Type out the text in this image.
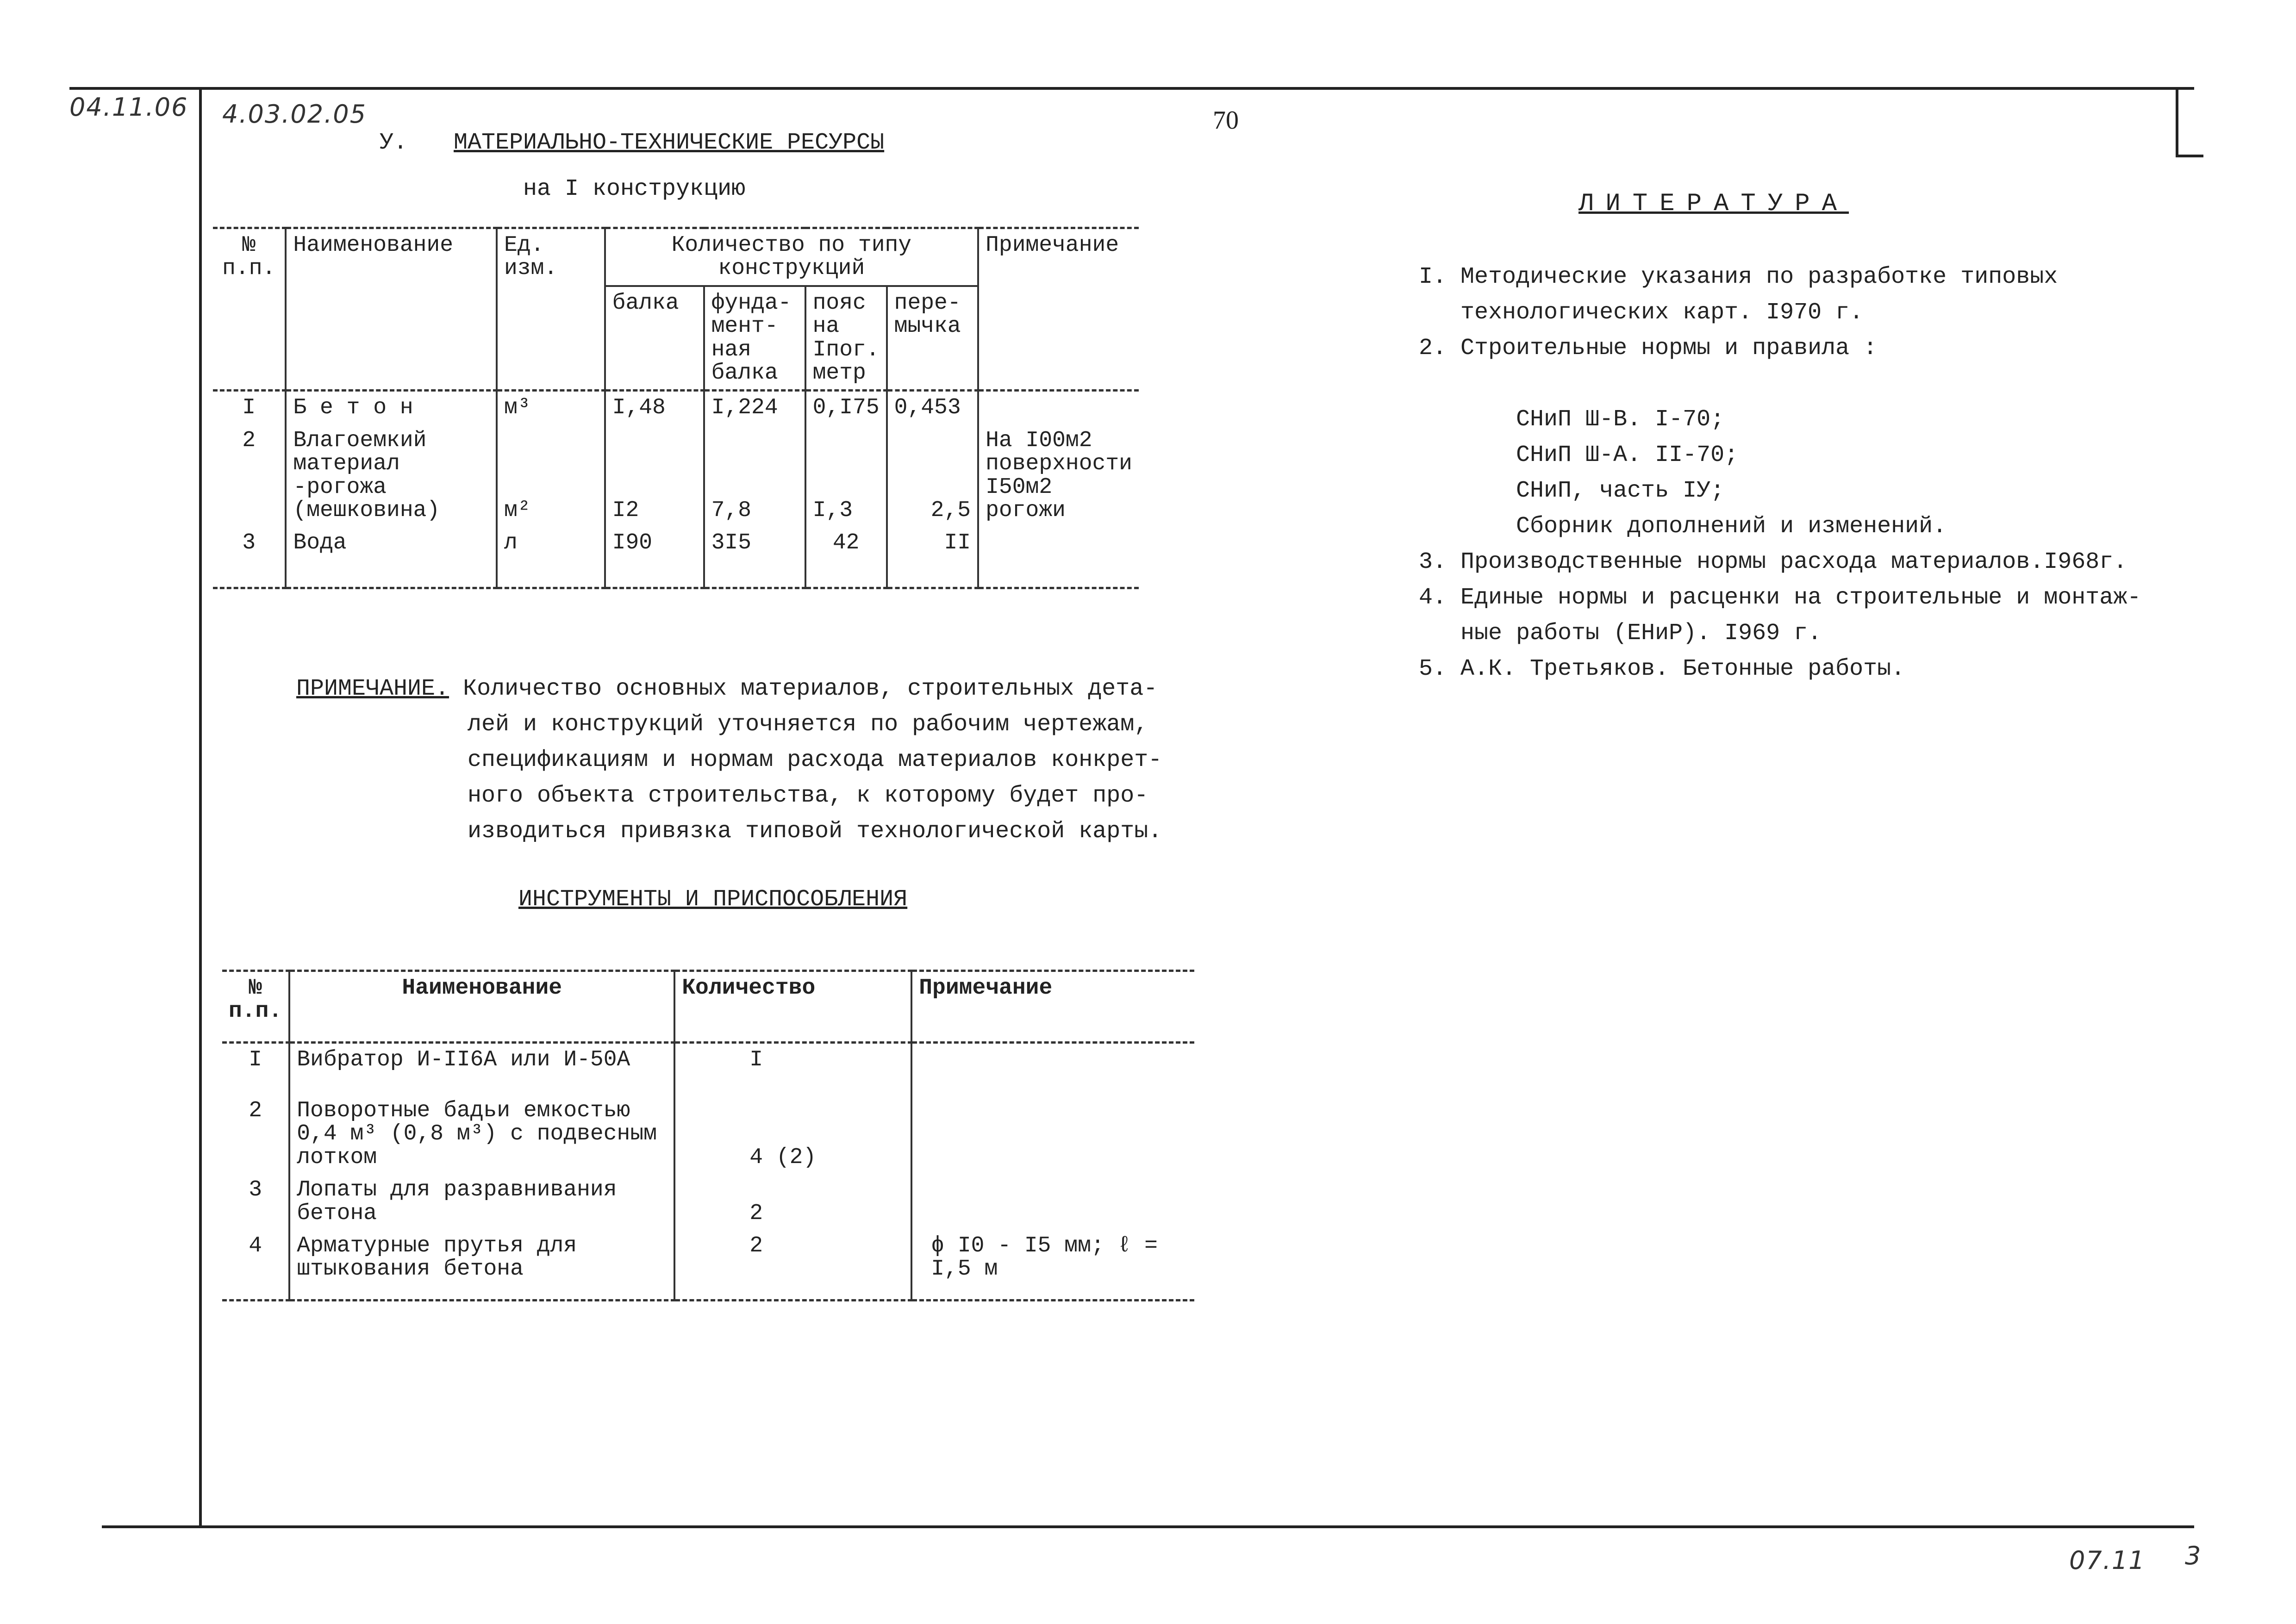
04.11.06 4.03.02.05	70
07.11 3
У. МАТЕРИАЛЬНО-ТЕХНИЧЕСКИЕ РЕСУРСЫ
на I конструкцию
№ п.п.	Наименование	Ед. изм.	Количество по типу конструкций				Примечание
			балка	фунда- мент- ная балка	пояс на Iпог. метр	пере- мычка	
I	Б е т о н	м³	I,48	I,224	0,I75	0,453	
2	Влагоемкий материал -рогожа (мешковина)	м²	I2	7,8	I,3	2,5	На I00м2 поверхности I50м2 рогожи
3	Вода	л	I90	3I5	42	II	
ПРИМЕЧАНИЕ. Количество основных материалов, строительных дета-
лей и конструкций уточняется по рабочим чертежам,
спецификациям и нормам расхода материалов конкрет-
ного объекта строительства, к которому будет про-
изводиться привязка типовой технологической карты.
ИНСТРУМЕНТЫ И ПРИСПОСОБЛЕНИЯ
№ п.п.	Наименование	Количество	Примечание
I	Вибратор И-II6А или И-50А	I	
2	Поворотные бадьи емкостью 0,4 м³ (0,8 м³) с подвесным лотком	4 (2)	
3	Лопаты для разравнивания бетона	2	
4	Арматурные прутья для штыкования бетона	2	ϕ I0 - I5 мм; ℓ = I,5 м
ЛИТЕРАТУРА
I. Методические указания по разработке типовых
технологических карт. I970 г.
2. Строительные нормы и правила :
СНиП Ш-В. I-70;
СНиП Ш-А. II-70;
СНиП, часть IУ;
Сборник дополнений и изменений.
3. Производственные нормы расхода материалов.I968г.
4. Единые нормы и расценки на строительные и монтаж-
ные работы (ЕНиР). I969 г.
5. А.К. Третьяков. Бетонные работы.
